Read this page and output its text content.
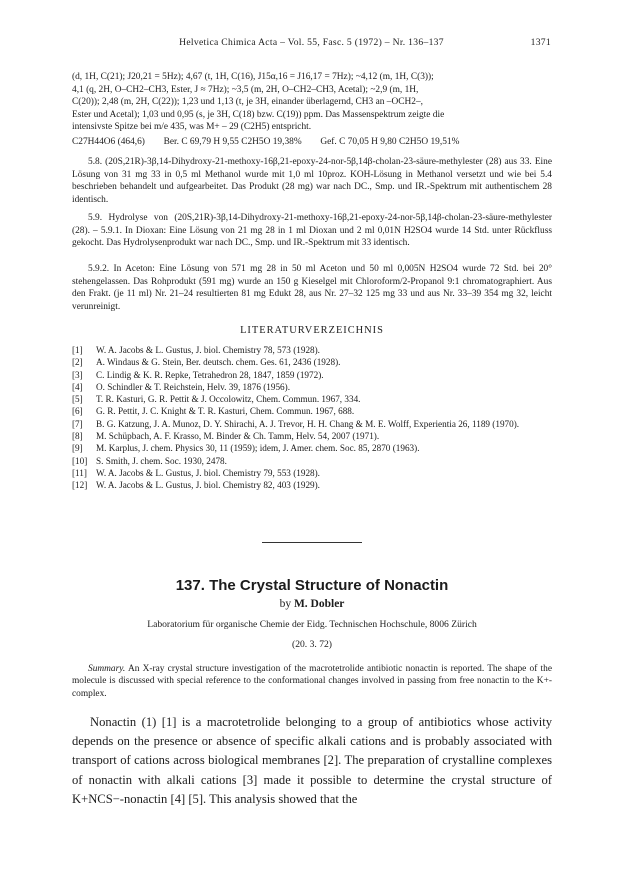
Helvetica Chimica Acta – Vol. 55, Fasc. 5 (1972) – Nr. 136–137	1371

(d, 1H, C(21); J20,21 = 5Hz); 4,67 (t, 1H, C(16), J15α,16 = J16,17 = 7Hz); ~4,12 (m, 1H, C(3));

4,1 (q, 2H, O–CH2–CH3, Ester, J ≈ 7Hz); ~3,5 (m, 2H, O–CH2–CH3, Acetal); ~2,9 (m, 1H,

C(20)); 2,48 (m, 2H, C(22)); 1,23 und 1,13 (t, je 3H, einander überlagernd, CH3 an –OCH2–,

Ester und Acetal); 1,03 und 0,95 (s, je 3H, C(18) bzw. C(19)) ppm. Das Massenspektrum zeigte die

intensivste Spitze bei m/e 435, was M+ – 29 (C2H5) entspricht.

C27H44O6 (464,6) Ber. C 69,79 H 9,55 C2H5O 19,38% Gef. C 70,05 H 9,80 C2H5O 19,51%

5.8. (20S,21R)-3β,14-Dihydroxy-21-methoxy-16β,21-epoxy-24-nor-5β,14β-cholan-23-säure-methylester (28) aus 33. Eine Lösung von 31 mg 33 in 0,5 ml Methanol wurde mit 1,0 ml 10proz. KOH-Lösung in Methanol versetzt und wie bei 5.4 beschrieben behandelt und aufgearbeitet. Das Produkt (28 mg) war nach DC., Smp. und IR.-Spektrum mit authentischem 28 identisch.

5.9. Hydrolyse von (20S,21R)-3β,14-Dihydroxy-21-methoxy-16β,21-epoxy-24-nor-5β,14β-cholan-23-säure-methylester (28). – 5.9.1. In Dioxan: Eine Lösung von 21 mg 28 in 1 ml Dioxan und 2 ml 0,01N H2SO4 wurde 14 Std. unter Rückfluss gekocht. Das Hydrolysenprodukt war nach DC., Smp. und IR.-Spektrum mit 33 identisch.

5.9.2. In Aceton: Eine Lösung von 571 mg 28 in 50 ml Aceton und 50 ml 0,005N H2SO4 wurde 72 Std. bei 20° stehengelassen. Das Rohprodukt (591 mg) wurde an 150 g Kieselgel mit Chloroform/2-Propanol 9:1 chromatographiert. Aus den Frakt. (je 11 ml) Nr. 21–24 resultierten 81 mg Edukt 28, aus Nr. 27–32 125 mg 33 und aus Nr. 33–39 354 mg 32, leicht verunreinigt.

LITERATURVERZEICHNIS
[1] W. A. Jacobs & L. Gustus, J. biol. Chemistry 78, 573 (1928).
[2] A. Windaus & G. Stein, Ber. deutsch. chem. Ges. 61, 2436 (1928).
[3] C. Lindig & K. R. Repke, Tetrahedron 28, 1847, 1859 (1972).
[4] O. Schindler & T. Reichstein, Helv. 39, 1876 (1956).
[5] T. R. Kasturi, G. R. Pettit & J. Occolowitz, Chem. Commun. 1967, 334.
[6] G. R. Pettit, J. C. Knight & T. R. Kasturi, Chem. Commun. 1967, 688.
[7] B. G. Katzung, J. A. Munoz, D. Y. Shirachi, A. J. Trevor, H. H. Chang & M. E. Wolff, Experientia 26, 1189 (1970).
[8] M. Schüpbach, A. F. Krasso, M. Binder & Ch. Tamm, Helv. 54, 2007 (1971).
[9] M. Karplus, J. chem. Physics 30, 11 (1959); idem, J. Amer. chem. Soc. 85, 2870 (1963).
[10] S. Smith, J. chem. Soc. 1930, 2478.
[11] W. A. Jacobs & L. Gustus, J. biol. Chemistry 79, 553 (1928).
[12] W. A. Jacobs & L. Gustus, J. biol. Chemistry 82, 403 (1929).
137. The Crystal Structure of Nonactin
by M. Dobler
Laboratorium für organische Chemie der Eidg. Technischen Hochschule, 8006 Zürich
(20. 3. 72)

Summary. An X-ray crystal structure investigation of the macrotetrolide antibiotic nonactin is reported. The shape of the molecule is discussed with special reference to the conformational changes involved in passing from free nonactin to the K+-complex.

Nonactin (1) [1] is a macrotetrolide belonging to a group of antibiotics whose activity depends on the presence or absence of specific alkali cations and is probably associated with transport of cations across biological membranes [2]. The preparation of crystalline complexes of nonactin with alkali cations [3] made it possible to determine the crystal structure of K+NCS−-nonactin [4] [5]. This analysis showed that the
